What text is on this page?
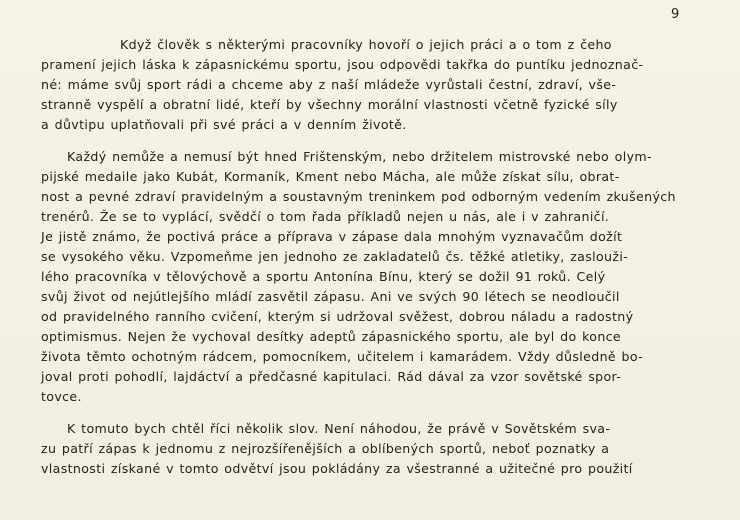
9
Když člověk s některými pracovníky hovoří o jejich práci a o tom z čeho
pramení jejich láska k zápasnickému sportu, jsou odpovědi takřka do puntíku jednoznač-
né: máme svůj sport rádi a chceme aby z naší mládeže vyrůstali čestní, zdraví, vše-
stranně vyspělí a obratní lidé, kteří by všechny morální vlastnosti včetně fyzické síly
a důvtipu uplatňovali při své práci a v denním životě.
Každý nemůže a nemusí být hned Frištenským, nebo držitelem mistrovské nebo olym-
pijské medaile jako Kubát, Kormaník, Kment nebo Mácha, ale může získat sílu, obrat-
nost a pevné zdraví pravidelným a soustavným treninkem pod odborným vedením zkušených
trenérů. Že se to vyplácí, svědčí o tom řada příkladů nejen u nás, ale i v zahraničí.
Je jistě známo, že poctivá práce a příprava v zápase dala mnohým vyznavačům dožít
se vysokého věku. Vzpomeňme jen jednoho ze zakladatelů čs. těžké atletiky, zaslouži-
lého pracovníka v tělovýchově a sportu Antonína Bínu, který se dožil 91 roků. Celý
svůj život od nejútlejšího mládí zasvětil zápasu. Ani ve svých 90 létech se neodloučil
od pravidelného ranního cvičení, kterým si udržoval svěžest, dobrou náladu a radostný
optimismus. Nejen že vychoval desítky adeptů zápasnického sportu, ale byl do konce
života těmto ochotným rádcem, pomocníkem, učitelem i kamarádem. Vždy důsledně bo-
joval proti pohodlí, lajdáctví a předčasné kapitulaci. Rád dával za vzor sovětské spor-
tovce.
K tomuto bych chtěl říci několik slov. Není náhodou, že právě v Sovětském sva-
zu patří zápas k jednomu z nejrozšířenějších a oblíbených sportů, neboť poznatky a
vlastnosti získané v tomto odvětví jsou pokládány za všestranné a užitečné pro použití
